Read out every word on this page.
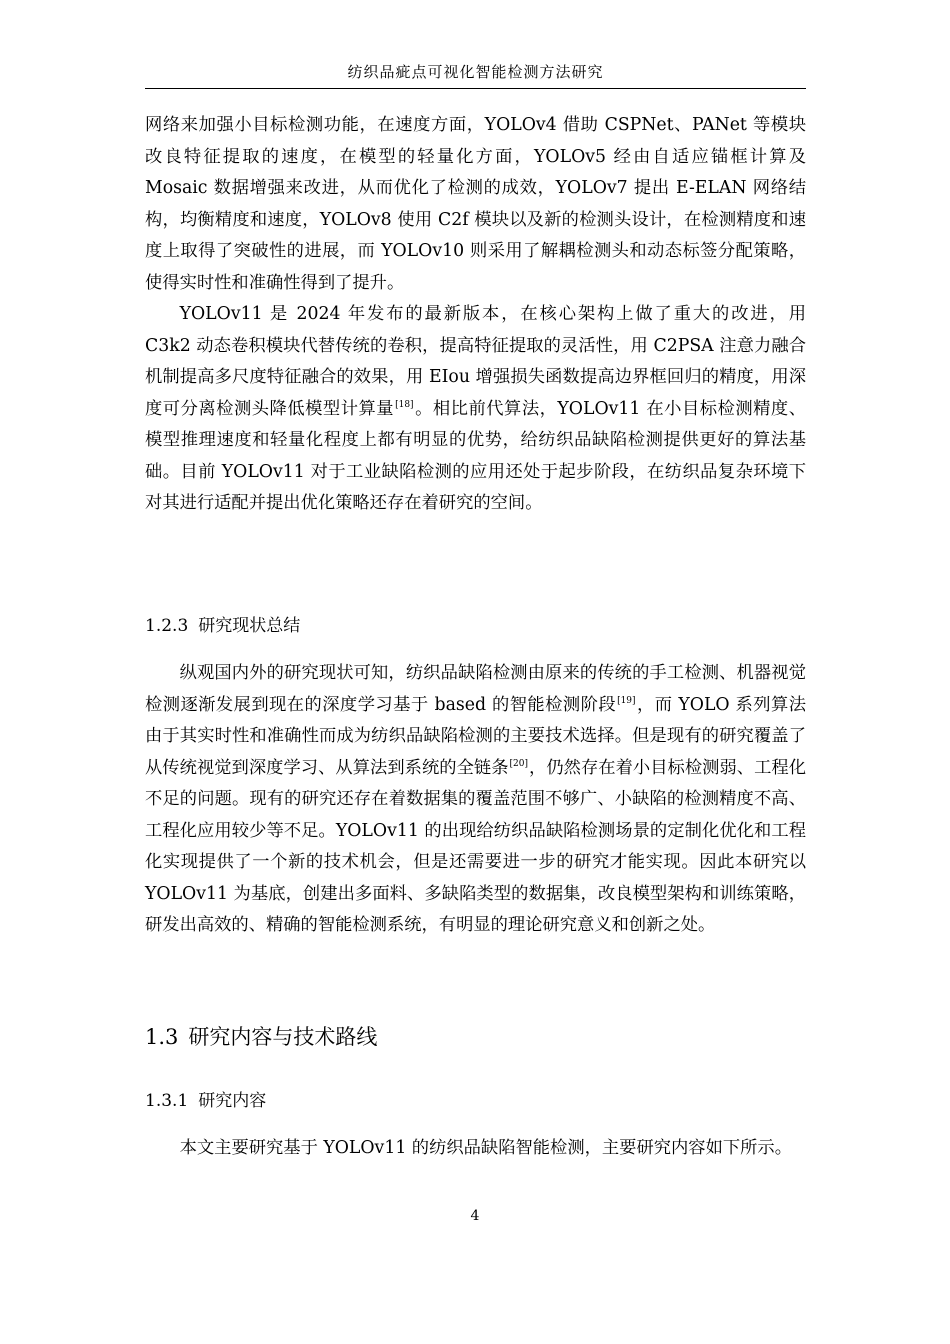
纺织品疵点可视化智能检测方法研究

网络来加强小目标检测功能，在速度方面，YOLOv4 借助 CSPNet、PANet 等模块改良特征提取的速度，在模型的轻量化方面，YOLOv5 经由自适应锚框计算及 Mosaic 数据增强来改进，从而优化了检测的成效，YOLOv7 提出 E-ELAN 网络结构，均衡精度和速度，YOLOv8 使用 C2f 模块以及新的检测头设计，在检测精度和速度上取得了突破性的进展，而 YOLOv10 则采用了解耦检测头和动态标签分配策略，使得实时性和准确性得到了提升。

YOLOv11 是 2024 年发布的最新版本，在核心架构上做了重大的改进，用 C3k2 动态卷积模块代替传统的卷积，提高特征提取的灵活性，用 C2PSA 注意力融合机制提高多尺度特征融合的效果，用 EIou 增强损失函数提高边界框回归的精度，用深度可分离检测头降低模型计算量[18]。相比前代算法，YOLOv11 在小目标检测精度、模型推理速度和轻量化程度上都有明显的优势，给纺织品缺陷检测提供更好的算法基础。目前 YOLOv11 对于工业缺陷检测的应用还处于起步阶段，在纺织品复杂环境下对其进行适配并提出优化策略还存在着研究的空间。

1.2.3 研究现状总结

纵观国内外的研究现状可知，纺织品缺陷检测由原来的传统的手工检测、机器视觉检测逐渐发展到现在的深度学习基于 based 的智能检测阶段[19]，而 YOLO 系列算法由于其实时性和准确性而成为纺织品缺陷检测的主要技术选择。但是现有的研究覆盖了从传统视觉到深度学习、从算法到系统的全链条[20]，仍然存在着小目标检测弱、工程化不足的问题。现有的研究还存在着数据集的覆盖范围不够广、小缺陷的检测精度不高、工程化应用较少等不足。YOLOv11 的出现给纺织品缺陷检测场景的定制化优化和工程化实现提供了一个新的技术机会，但是还需要进一步的研究才能实现。因此本研究以 YOLOv11 为基底，创建出多面料、多缺陷类型的数据集，改良模型架构和训练策略，研发出高效的、精确的智能检测系统，有明显的理论研究意义和创新之处。

1.3 研究内容与技术路线
1.3.1 研究内容

本文主要研究基于 YOLOv11 的纺织品缺陷智能检测，主要研究内容如下所示。

4
